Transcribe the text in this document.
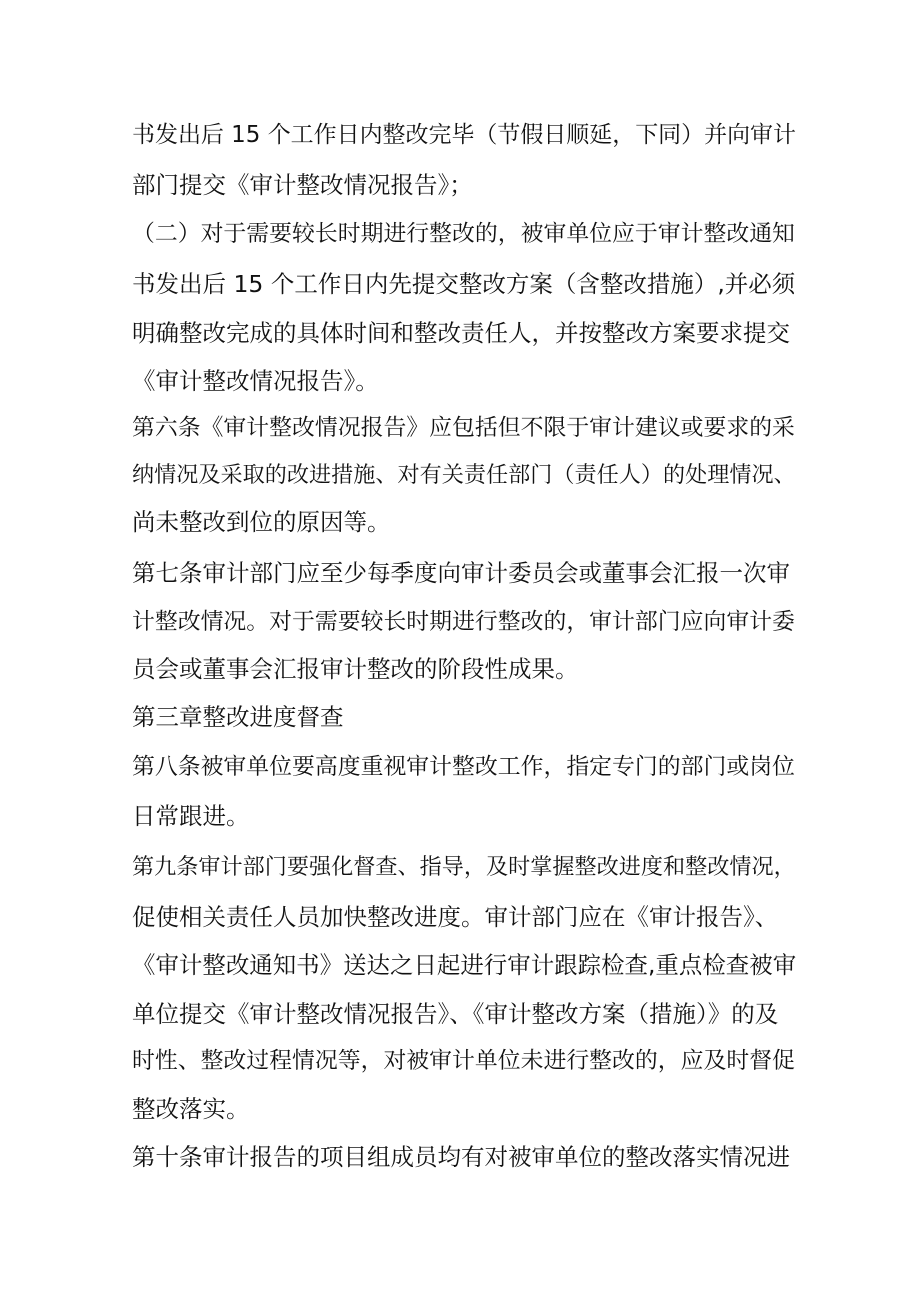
书发出后 15 个工作日内整改完毕（节假日顺延，下同）并向审计
部门提交《审计整改情况报告》；
（二）对于需要较长时期进行整改的，被审单位应于审计整改通知
书发出后 15 个工作日内先提交整改方案（含整改措施）,并必须
明确整改完成的具体时间和整改责任人，并按整改方案要求提交
《审计整改情况报告》。
第六条《审计整改情况报告》应包括但不限于审计建议或要求的采
纳情况及采取的改进措施、对有关责任部门（责任人）的处理情况、
尚未整改到位的原因等。
第七条审计部门应至少每季度向审计委员会或董事会汇报一次审
计整改情况。对于需要较长时期进行整改的，审计部门应向审计委
员会或董事会汇报审计整改的阶段性成果。
第三章整改进度督查
第八条被审单位要高度重视审计整改工作，指定专门的部门或岗位
日常跟进。
第九条审计部门要强化督查、指导，及时掌握整改进度和整改情况，
促使相关责任人员加快整改进度。审计部门应在《审计报告》、
《审计整改通知书》送达之日起进行审计跟踪检查,重点检查被审
单位提交《审计整改情况报告》、《审计整改方案（措施）》的及
时性、整改过程情况等，对被审计单位未进行整改的，应及时督促
整改落实。
第十条审计报告的项目组成员均有对被审单位的整改落实情况进
